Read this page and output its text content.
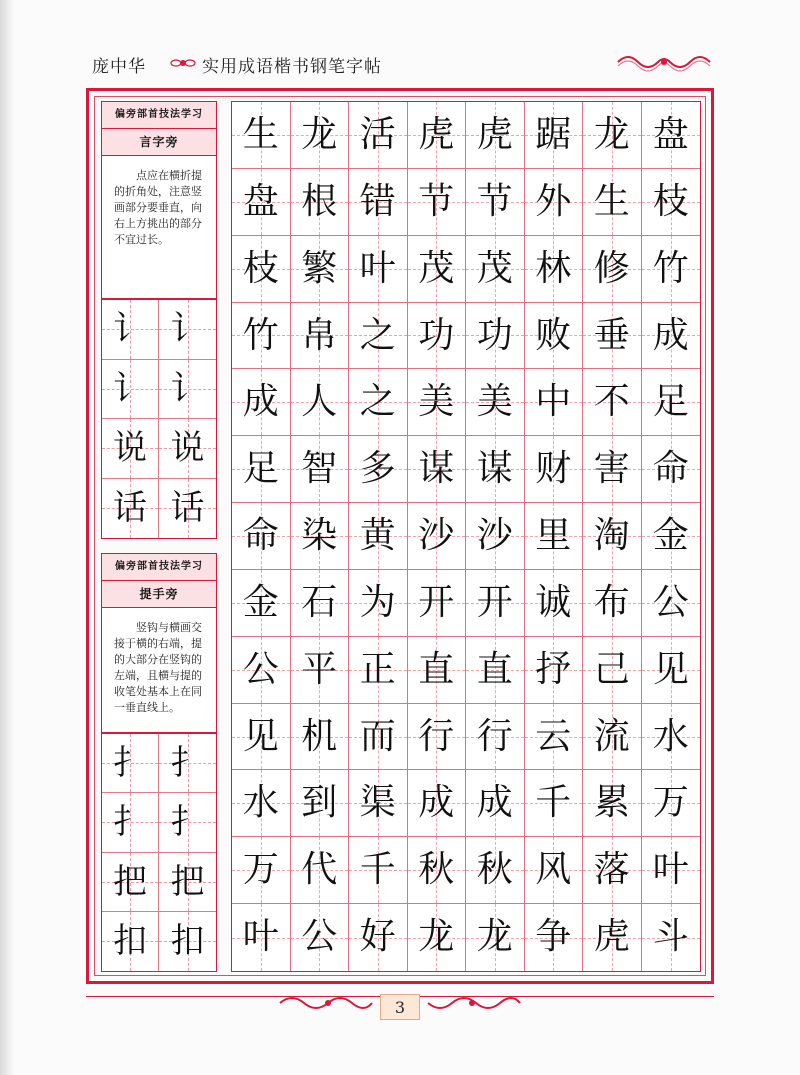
庞中华	实用成语楷书钢笔字帖
偏旁部首技法学习
言字旁
点应在横折提的折角处，注意竖画部分要垂直，向右上方挑出的部分不宜过长。
讠 讠
讠 讠
说 说
话 话
偏旁部首技法学习
提手旁
竖钩与横画交接于横的右端，提的大部分在竖钩的左端，且横与提的收笔处基本上在同一垂直线上。
扌 扌
扌 扌
把 把
扣 扣
生 龙 活 虎 虎 踞 龙 盘
盘 根 错 节 节 外 生 枝
枝 繁 叶 茂 茂 林 修 竹
竹 帛 之 功 功 败 垂 成
成 人 之 美 美 中 不 足
足 智 多 谋 谋 财 害 命
命 染 黄 沙 沙 里 淘 金
金 石 为 开 开 诚 布 公
公 平 正 直 直 抒 己 见
见 机 而 行 行 云 流 水
水 到 渠 成 成 千 累 万
万 代 千 秋 秋 风 落 叶
叶 公 好 龙 龙 争 虎 斗
3
